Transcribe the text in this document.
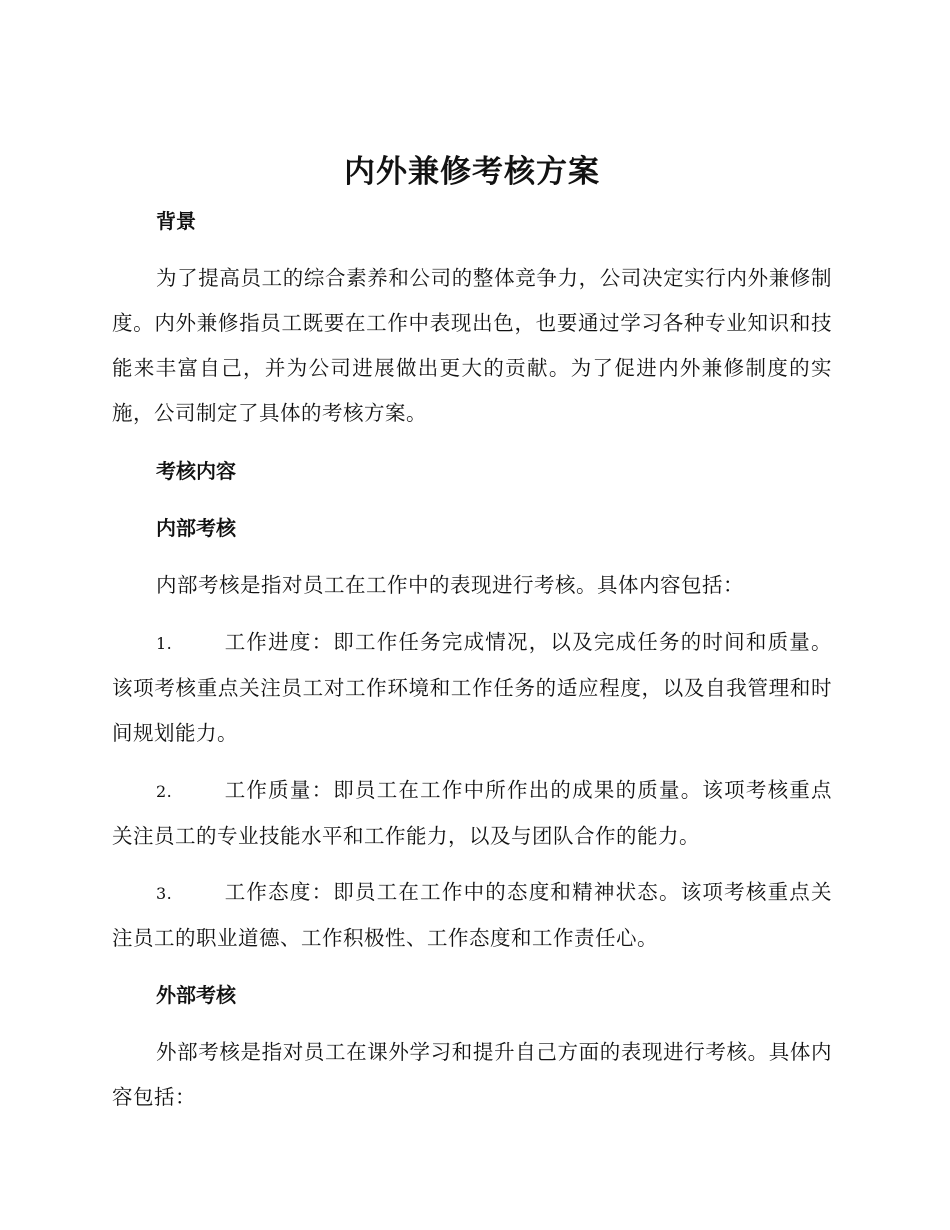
内外兼修考核方案
背景
为了提高员工的综合素养和公司的整体竞争力，公司决定实行内外兼修制度。内外兼修指员工既要在工作中表现出色，也要通过学习各种专业知识和技能来丰富自己，并为公司进展做出更大的贡献。为了促进内外兼修制度的实施，公司制定了具体的考核方案。
考核内容
内部考核
内部考核是指对员工在工作中的表现进行考核。具体内容包括：
1.	工作进度：即工作任务完成情况，以及完成任务的时间和质量。该项考核重点关注员工对工作环境和工作任务的适应程度，以及自我管理和时间规划能力。
2.	工作质量：即员工在工作中所作出的成果的质量。该项考核重点关注员工的专业技能水平和工作能力，以及与团队合作的能力。
3.	工作态度：即员工在工作中的态度和精神状态。该项考核重点关注员工的职业道德、工作积极性、工作态度和工作责任心。
外部考核
外部考核是指对员工在课外学习和提升自己方面的表现进行考核。具体内容包括：
